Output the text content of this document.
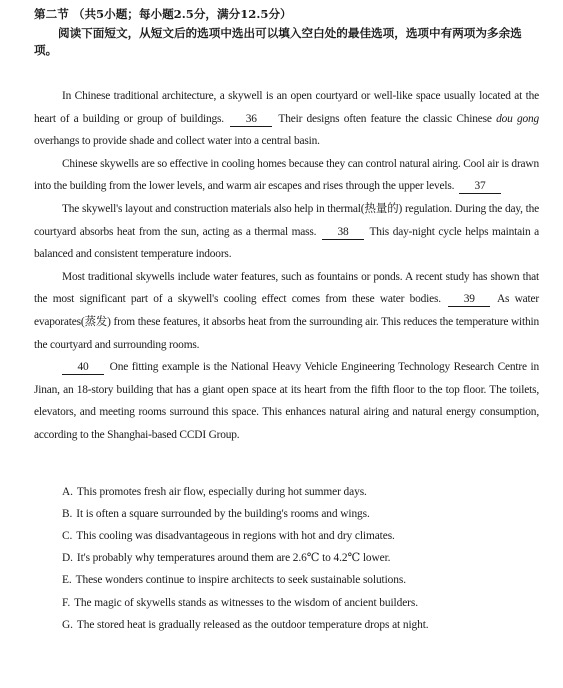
第二节 （共5小题；每小题2.5分，满分12.5分）

阅读下面短文，从短文后的选项中选出可以填入空白处的最佳选项，选项中有两项为多余选项。

In Chinese traditional architecture, a skywell is an open courtyard or well-like space usually located at the heart of a building or group of buildings. 36 Their designs often feature the classic Chinese dou gong overhangs to provide shade and collect water into a central basin.

Chinese skywells are so effective in cooling homes because they can control natural airing. Cool air is drawn into the building from the lower levels, and warm air escapes and rises through the upper levels. 37

The skywell's layout and construction materials also help in thermal(热量的) regulation. During the day, the courtyard absorbs heat from the sun, acting as a thermal mass. 38 This day-night cycle helps maintain a balanced and consistent temperature indoors.

Most traditional skywells include water features, such as fountains or ponds. A recent study has shown that the most significant part of a skywell's cooling effect comes from these water bodies. 39 As water evaporates(蒸发) from these features, it absorbs heat from the surrounding air. This reduces the temperature within the courtyard and surrounding rooms.

40 One fitting example is the National Heavy Vehicle Engineering Technology Research Centre in Jinan, an 18-story building that has a giant open space at its heart from the fifth floor to the top floor. The toilets, elevators, and meeting rooms surround this space. This enhances natural airing and natural energy consumption, according to the Shanghai-based CCDI Group.

A. This promotes fresh air flow, especially during hot summer days.
B. It is often a square surrounded by the building's rooms and wings.
C. This cooling was disadvantageous in regions with hot and dry climates.
D. It's probably why temperatures around them are 2.6℃ to 4.2℃ lower.
E. These wonders continue to inspire architects to seek sustainable solutions.
F. The magic of skywells stands as witnesses to the wisdom of ancient builders.
G. The stored heat is gradually released as the outdoor temperature drops at night.
